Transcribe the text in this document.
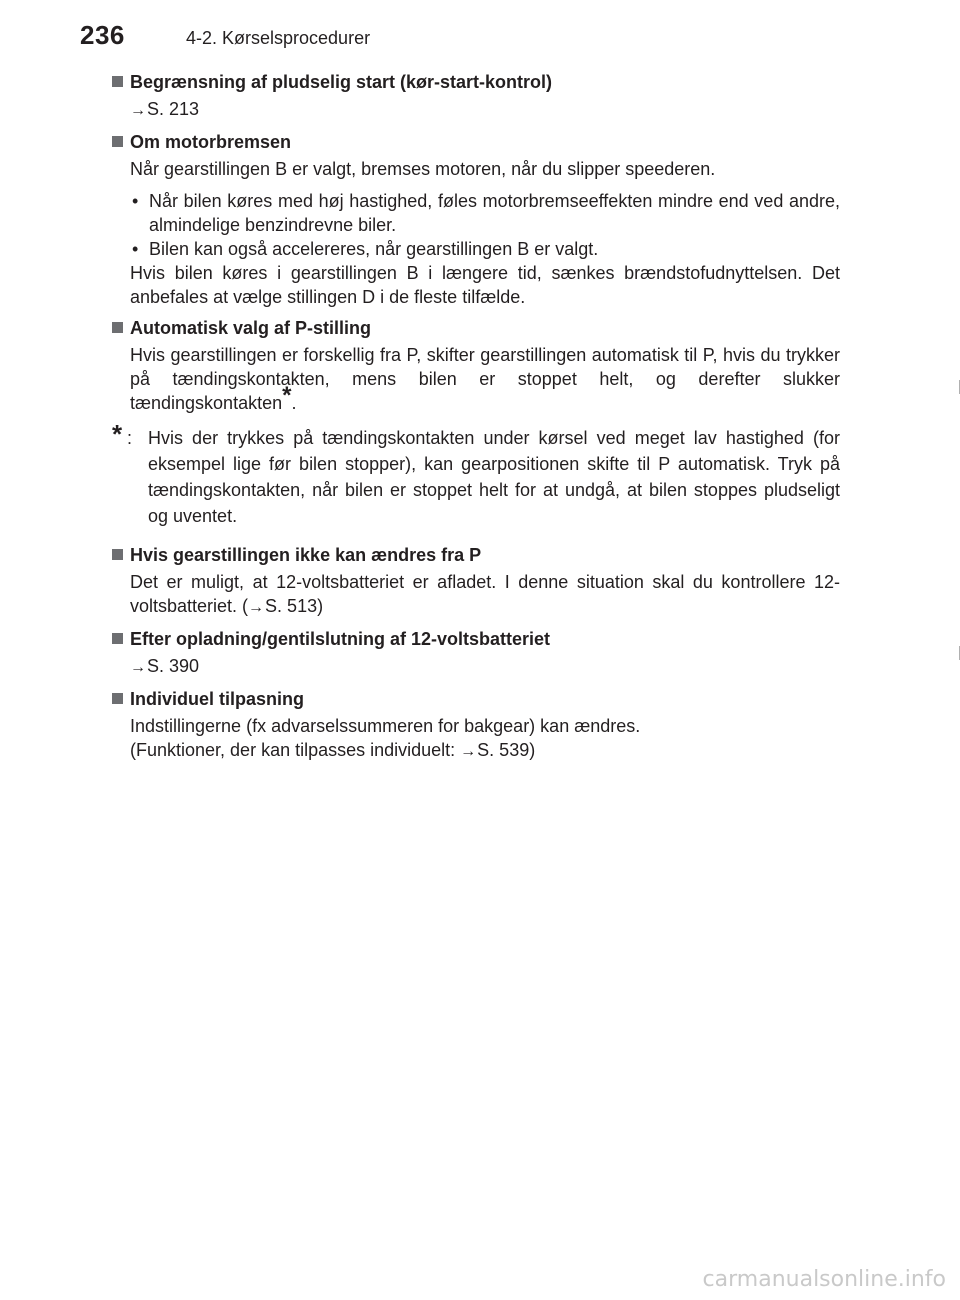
236	4-2. Kørselsprocedurer
Begrænsning af pludselig start (kør-start-kontrol)

→S. 213

Om motorbremsen

Når gearstillingen B er valgt, bremses motoren, når du slipper speederen.

• Når bilen køres med høj hastighed, føles motorbremseeffekten mindre end ved andre, almindelige benzindrevne biler.
• Bilen kan også accelereres, når gearstillingen B er valgt.

Hvis bilen køres i gearstillingen B i længere tid, sænkes brændstofudnyttelsen. Det anbefales at vælge stillingen D i de fleste tilfælde.

Automatisk valg af P-stilling

Hvis gearstillingen er forskellig fra P, skifter gearstillingen automatisk til P, hvis du trykker på tændingskontakten, mens bilen er stoppet helt, og derefter slukker tændingskontakten*.

* : Hvis der trykkes på tændingskontakten under kørsel ved meget lav hastighed (for eksempel lige før bilen stopper), kan gearpositionen skifte til P automatisk. Tryk på tændingskontakten, når bilen er stoppet helt for at undgå, at bilen stoppes pludseligt og uventet.
Hvis gearstillingen ikke kan ændres fra P

Det er muligt, at 12-voltsbatteriet er afladet. I denne situation skal du kontrollere 12-voltsbatteriet. (→S. 513)

Efter opladning/gentilslutning af 12-voltsbatteriet

→S. 390

Individuel tilpasning

Indstillingerne (fx advarselssummeren for bakgear) kan ændres.

(Funktioner, der kan tilpasses individuelt: →S. 539)

carmanualsonline.info
